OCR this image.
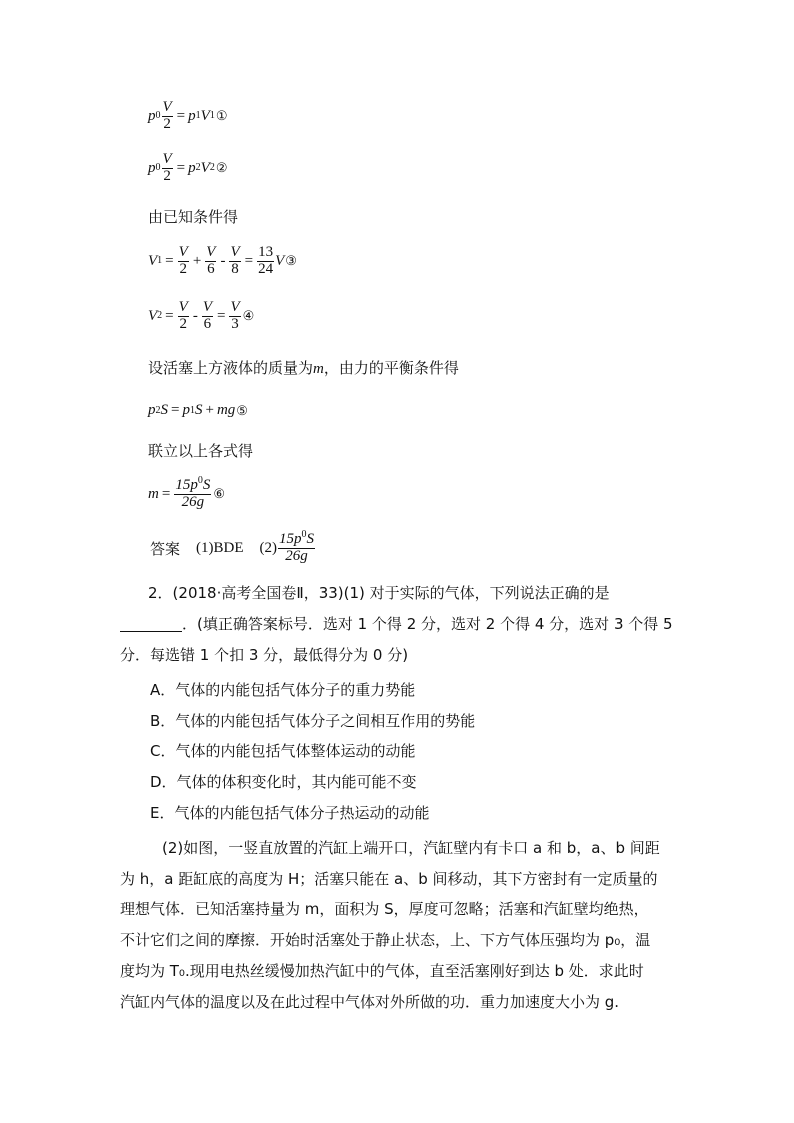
p $0 \frac{V}{2} = p$ 1 V 1 ①
p $0 \frac{V}{2} = p$ 2 V 2 ②
由已知条件得
V $1 = \frac{V}{2} + \frac{V}{6} - \frac{V}{8} = \frac{13}{24}$ V ③
V $2 = \frac{V}{2} - \frac{V}{6} = \frac{V}{3}$ ④
设活塞上方液体的质量为m，由力的平衡条件得
p 2 S = p 1 S + mg ⑤
联立以上各式得
$m = \frac{15p^0S}{26g}$ ⑥
答案 (1)BDE $(2) \frac{15p^0S}{26g}$
2．(2018·高考全国卷Ⅱ，33)(1) 对于实际的气体，下列说法正确的是
．(填正确答案标号．选对 1 个得 2 分，选对 2 个得 4 分，选对 3 个得 5
分．每选错 1 个扣 3 分，最低得分为 0 分)
A．气体的内能包括气体分子的重力势能
B．气体的内能包括气体分子之间相互作用的势能
C．气体的内能包括气体整体运动的动能
D．气体的体积变化时，其内能可能不变
E．气体的内能包括气体分子热运动的动能
(2)如图，一竖直放置的汽缸上端开口，汽缸壁内有卡口 a 和 b，a、b 间距
为 h，a 距缸底的高度为 H；活塞只能在 a、b 间移动，其下方密封有一定质量的
理想气体．已知活塞持量为 m，面积为 S，厚度可忽略；活塞和汽缸壁均绝热，
不计它们之间的摩擦．开始时活塞处于静止状态，上、下方气体压强均为 p₀，温
度均为 T₀.现用电热丝缓慢加热汽缸中的气体，直至活塞刚好到达 b 处．求此时
汽缸内气体的温度以及在此过程中气体对外所做的功．重力加速度大小为 g.
